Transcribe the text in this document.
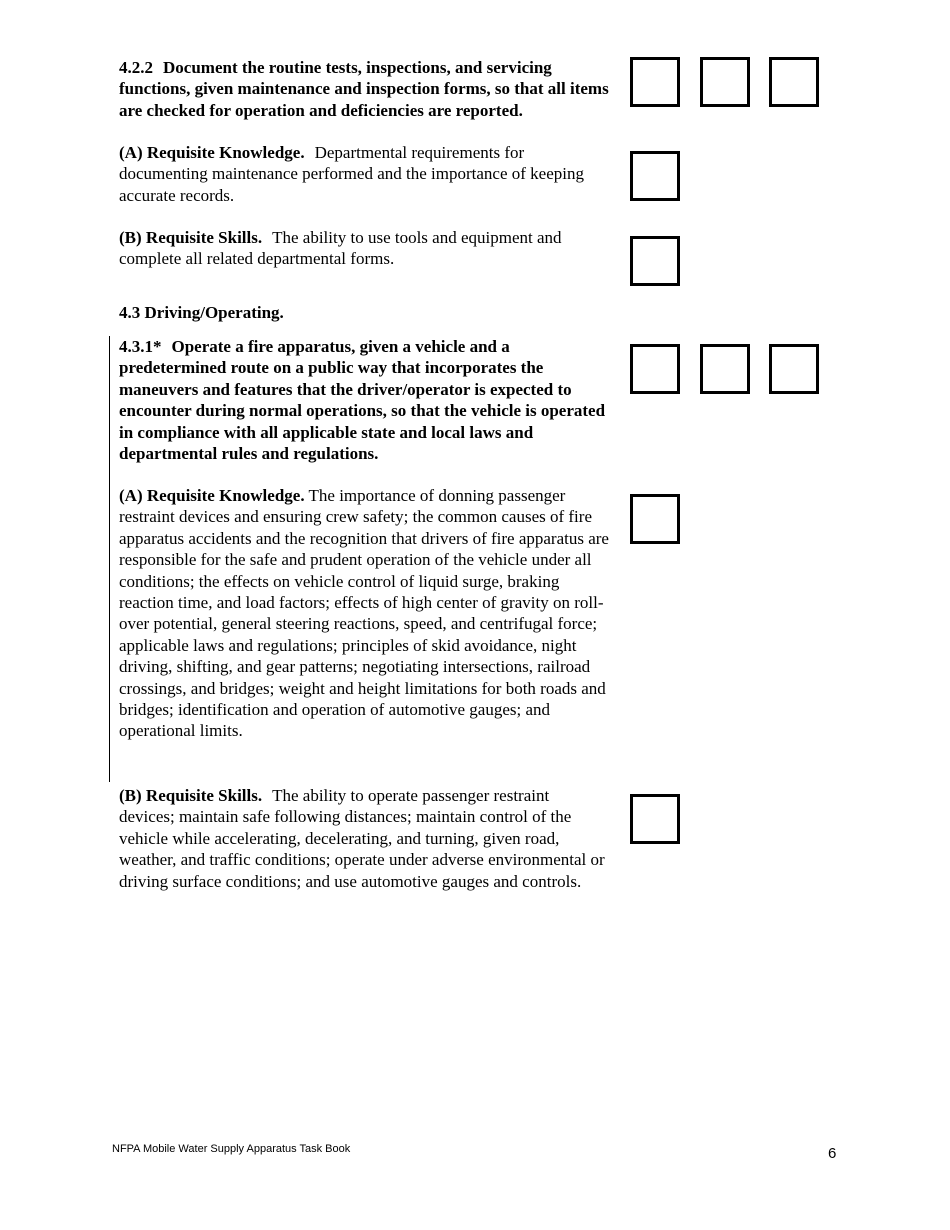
4.2.2 Document the routine tests, inspections, and servicing functions, given maintenance and inspection forms, so that all items are checked for operation and deficiencies are reported.
(A) Requisite Knowledge. Departmental requirements for documenting maintenance performed and the importance of keeping accurate records.
(B) Requisite Skills. The ability to use tools and equipment and complete all related departmental forms.
4.3 Driving/Operating.
4.3.1* Operate a fire apparatus, given a vehicle and a predetermined route on a public way that incorporates the maneuvers and features that the driver/operator is expected to encounter during normal operations, so that the vehicle is operated in compliance with all applicable state and local laws and departmental rules and regulations.
(A) Requisite Knowledge. The importance of donning passenger restraint devices and ensuring crew safety; the common causes of fire apparatus accidents and the recognition that drivers of fire apparatus are responsible for the safe and prudent operation of the vehicle under all conditions; the effects on vehicle control of liquid surge, braking reaction time, and load factors; effects of high center of gravity on roll-over potential, general steering reactions, speed, and centrifugal force; applicable laws and regulations; principles of skid avoidance, night driving, shifting, and gear patterns; negotiating intersections, railroad crossings, and bridges; weight and height limitations for both roads and bridges; identification and operation of automotive gauges; and operational limits.
(B) Requisite Skills. The ability to operate passenger restraint devices; maintain safe following distances; maintain control of the vehicle while accelerating, decelerating, and turning, given road, weather, and traffic conditions; operate under adverse environmental or driving surface conditions; and use automotive gauges and controls.
NFPA Mobile Water Supply Apparatus Task Book	6
